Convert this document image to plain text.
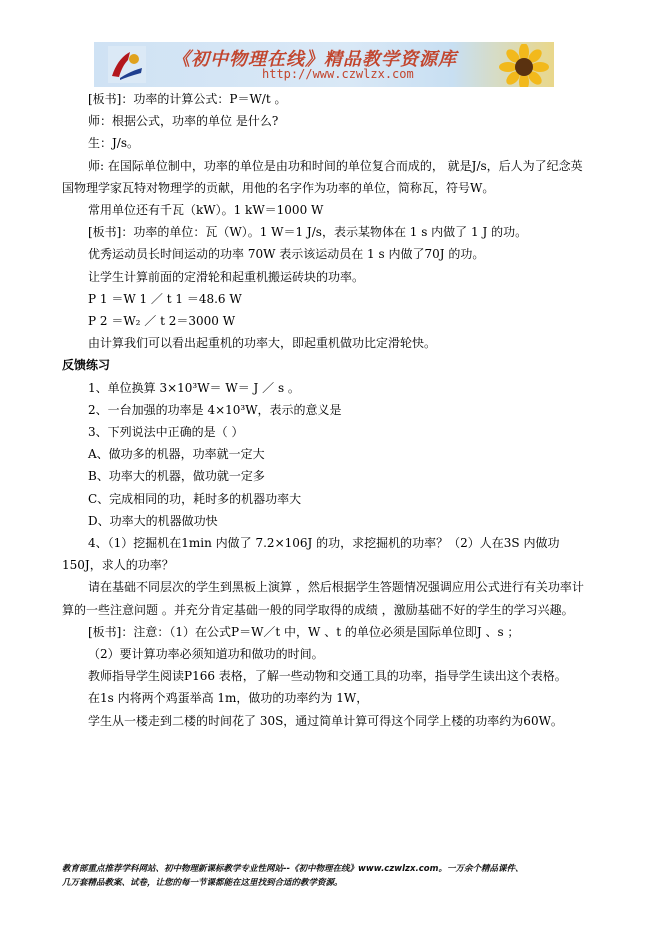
《初中物理在线》精品教学资源库
http://www.czwlzx.com

[板书]：功率的计算公式：P＝W/t 。

师：根据公式，功率的单位 是什么?

生：J/s。

师: 在国际单位制中，功率的单位是由功和时间的单位复合而成的， 就是J/s，后人为了纪念英国物理学家瓦特对物理学的贡献，用他的名字作为功率的单位，简称瓦，符号W。

常用单位还有千瓦（kW）。1 kW＝1000 W

[板书]：功率的单位：瓦（W）。1 W＝1 J/s，表示某物体在 1 s 内做了 1 J 的功。

优秀运动员长时间运动的功率 70W 表示该运动员在 1 s 内做了70J 的功。

让学生计算前面的定滑轮和起重机搬运砖块的功率。

P 1 ＝W 1 ／ t 1 ＝48.6 W

P 2 ＝W₂ ／ t 2＝3000 W

由计算我们可以看出起重机的功率大，即起重机做功比定滑轮快。

反馈练习

1、单位换算 3×10³W＝ W＝ J ／ s 。

2、一台加强的功率是 4×10³W，表示的意义是

3、下列说法中正确的是（ ）

A、做功多的机器，功率就一定大

B、功率大的机器，做功就一定多

C、完成相同的功，耗时多的机器功率大

D、功率大的机器做功快

4、（1）挖掘机在1min 内做了 7.2×106J 的功，求挖掘机的功率？（2）人在3S 内做功150J，求人的功率？

请在基础不同层次的学生到黑板上演算 ，然后根据学生答题情况强调应用公式进行有关功率计算的一些注意问题 。并充分肯定基础一般的同学取得的成绩 ，激励基础不好的学生的学习兴趣。

[板书]：注意：（1）在公式P＝W／t 中，W 、t 的单位必须是国际单位即J 、s ；

（2）要计算功率必须知道功和做功的时间。

教师指导学生阅读P166 表格，了解一些动物和交通工具的功率，指导学生读出这个表格。

在1s 内将两个鸡蛋举高 1m，做功的功率约为 1W，

学生从一楼走到二楼的时间花了 30S，通过简单计算可得这个同学上楼的功率约为60W。

教育部重点推荐学科网站、初中物理新课标教学专业性网站--《初中物理在线》www.czwlzx.com。一万余个精品课件、
几万套精品教案、试卷，让您的每一节课都能在这里找到合适的教学资源。
